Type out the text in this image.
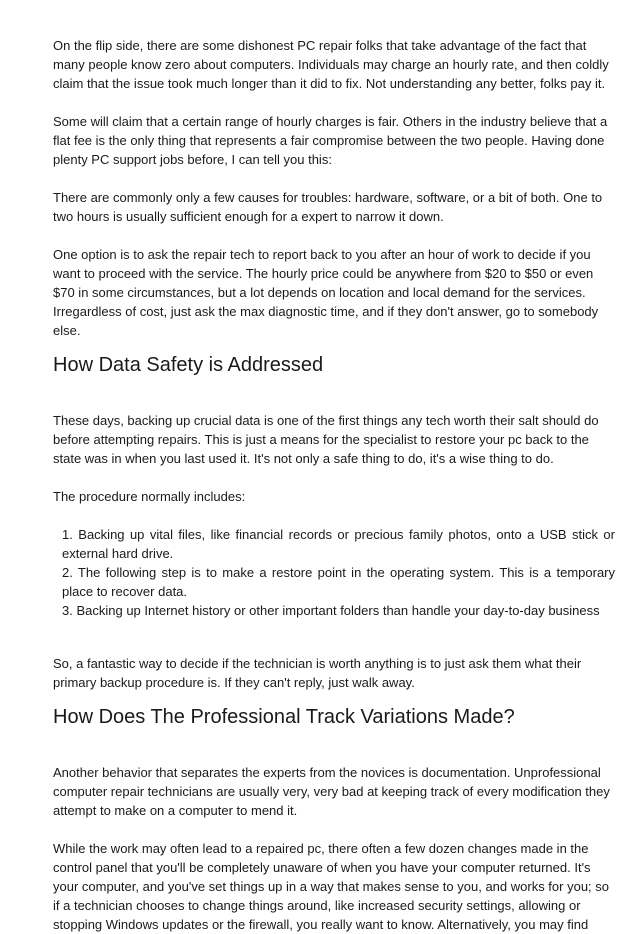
On the flip side, there are some dishonest PC repair folks that take advantage of the fact that many people know zero about computers. Individuals may charge an hourly rate, and then coldly claim that the issue took much longer than it did to fix. Not understanding any better, folks pay it.

Some will claim that a certain range of hourly charges is fair. Others in the industry believe that a flat fee is the only thing that represents a fair compromise between the two people. Having done plenty PC support jobs before, I can tell you this:

There are commonly only a few causes for troubles: hardware, software, or a bit of both. One to two hours is usually sufficient enough for a expert to narrow it down.

One option is to ask the repair tech to report back to you after an hour of work to decide if you want to proceed with the service. The hourly price could be anywhere from $20 to $50 or even $70 in some circumstances, but a lot depends on location and local demand for the services. Irregardless of cost, just ask the max diagnostic time, and if they don't answer, go to somebody else.

How Data Safety is Addressed

These days, backing up crucial data is one of the first things any tech worth their salt should do before attempting repairs. This is just a means for the specialist to restore your pc back to the state was in when you last used it. It's not only a safe thing to do, it's a wise thing to do.

The procedure normally includes:

1. Backing up vital files, like financial records or precious family photos, onto a USB stick or external hard drive.
2. The following step is to make a restore point in the operating system. This is a temporary place to recover data.
3. Backing up Internet history or other important folders than handle your day-to-day business

So, a fantastic way to decide if the technician is worth anything is to just ask them what their primary backup procedure is. If they can't reply, just walk away.

How Does The Professional Track Variations Made?

Another behavior that separates the experts from the novices is documentation. Unprofessional computer repair technicians are usually very, very bad at keeping track of every modification they attempt to make on a computer to mend it.

While the work may often lead to a repaired pc, there often a few dozen changes made in the control panel that you'll be completely unaware of when you have your computer returned. It's your computer, and you've set things up in a way that makes sense to you, and works for you; so if a technician chooses to change things around, like increased security settings, allowing or stopping Windows updates or the firewall, you really want to know. Alternatively, you may find
